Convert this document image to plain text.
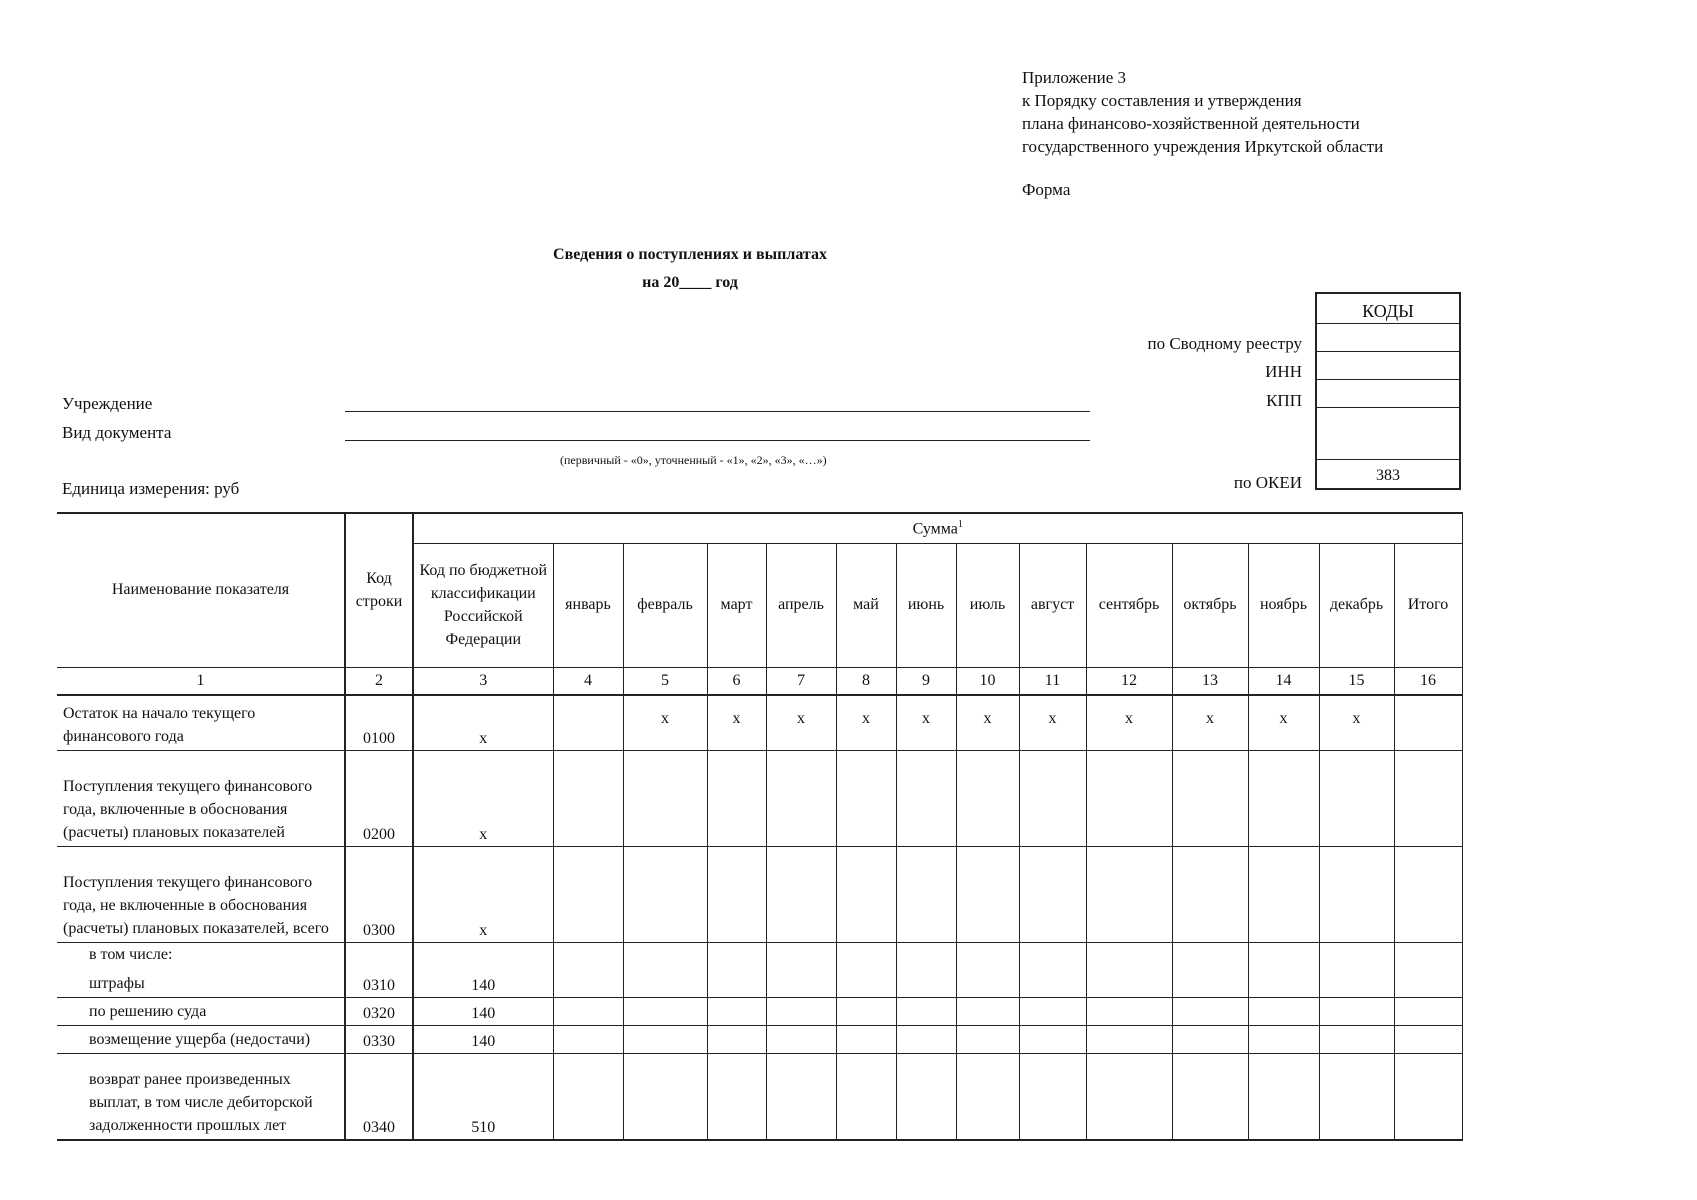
Приложение 3
к Порядку составления и утверждения
плана финансово-хозяйственной деятельности
государственного учреждения Иркутской области
Форма
Сведения о поступлениях и выплатах
на 20____ год
КОДЫ
383
по Сводному реестру
ИНН
КПП
по ОКЕИ
Учреждение
Вид документа
(первичный - «0», уточненный - «1», «2», «3», «…»)
Единица измерения: руб
Наименование показателя	Код строки	Сумма$^1$
		Код по бюджетной классификации Российской Федерации	январь	февраль	март	апрель	май	июнь	июль	август	сентябрь	октябрь	ноябрь	декабрь	Итого
1	2	3	4	5	6	7	8	9	10	11	12	13	14	15	16

Остаток на начало текущего финансового года	0100	х		х	х	х	х	х	х	х	х	х	х	х	

Поступления текущего финансового года, включенные в обоснования (расчеты) плановых показателей	0200	х													

Поступления текущего финансового года, не включенные в обоснования (расчеты) плановых показателей, всего	0300	х													

в том числе:
штрафы	0310	140													

по решению суда	0320	140													

возмещение ущерба (недостачи)	0330	140													

возврат ранее произведенных выплат, в том числе дебиторской задолженности прошлых лет	0340	510													
